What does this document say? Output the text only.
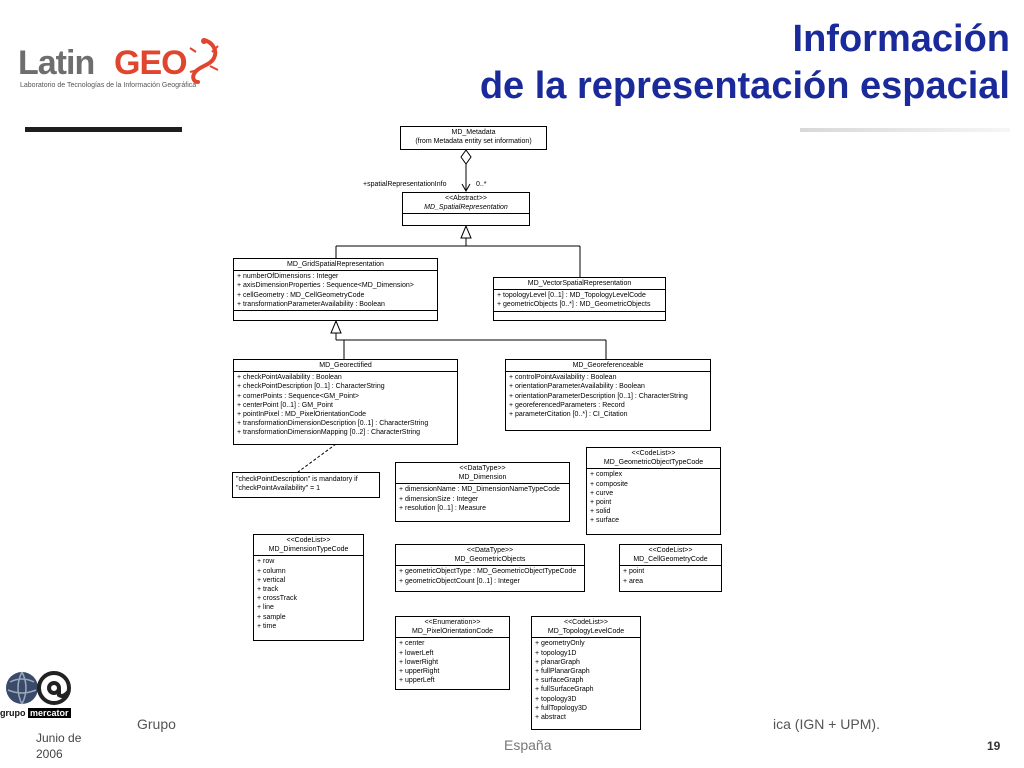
Latin GEO
Laboratorio de Tecnologías de la Información Geográfica
Información
de la representación espacial
+spatialRepresentationInfo	0..*
MD_Metadata
(from Metadata entity set information)
<<Abstract>>
MD_SpatialRepresentation
MD_GridSpatialRepresentation
+ numberOfDimensions : Integer
+ axisDimensionProperties : Sequence<MD_Dimension>
+ cellGeometry : MD_CellGeometryCode
+ transformationParameterAvailability : Boolean
MD_VectorSpatialRepresentation
+ topologyLevel [0..1] : MD_TopologyLevelCode
+ geometricObjects [0..*] : MD_GeometricObjects
MD_Georectified
+ checkPointAvailability : Boolean
+ checkPointDescription [0..1] : CharacterString
+ cornerPoints : Sequence<GM_Point>
+ centerPoint [0..1] : GM_Point
+ pointInPixel : MD_PixelOrientationCode
+ transformationDimensionDescription [0..1] : CharacterString
+ transformationDimensionMapping [0..2] : CharacterString
MD_Georeferenceable
+ controlPointAvailability : Boolean
+ orientationParameterAvailability : Boolean
+ orientationParameterDescription [0..1] : CharacterString
+ georeferencedParameters : Record
+ parameterCitation [0..*] : CI_Citation
"checkPointDescription" is mandatory if
"checkPointAvailability" = 1
<<DataType>>
MD_Dimension
+ dimensionName : MD_DimensionNameTypeCode
+ dimensionSize : Integer
+ resolution [0..1] : Measure
<<CodeList>>
MD_GeometricObjectTypeCode
+ complex
+ composite
+ curve
+ point
+ solid
+ surface
<<CodeList>>
MD_DimensionTypeCode
+ row
+ column
+ vertical
+ track
+ crossTrack
+ line
+ sample
+ time
<<DataType>>
MD_GeometricObjects
+ geometricObjectType : MD_GeometricObjectTypeCode
+ geometricObjectCount [0..1] : Integer
<<CodeList>>
MD_CellGeometryCode
+ point
+ area
<<Enumeration>>
MD_PixelOrientationCode
+ center
+ lowerLeft
+ lowerRight
+ upperRight
+ upperLeft
<<CodeList>>
MD_TopologyLevelCode
+ geometryOnly
+ topology1D
+ planarGraph
+ fullPlanarGraph
+ surfaceGraph
+ fullSurfaceGraph
+ topology3D
+ fullTopology3D
+ abstract
grupo mercator
Junio de 2006
Grupo	ica (IGN + UPM).
España	19
